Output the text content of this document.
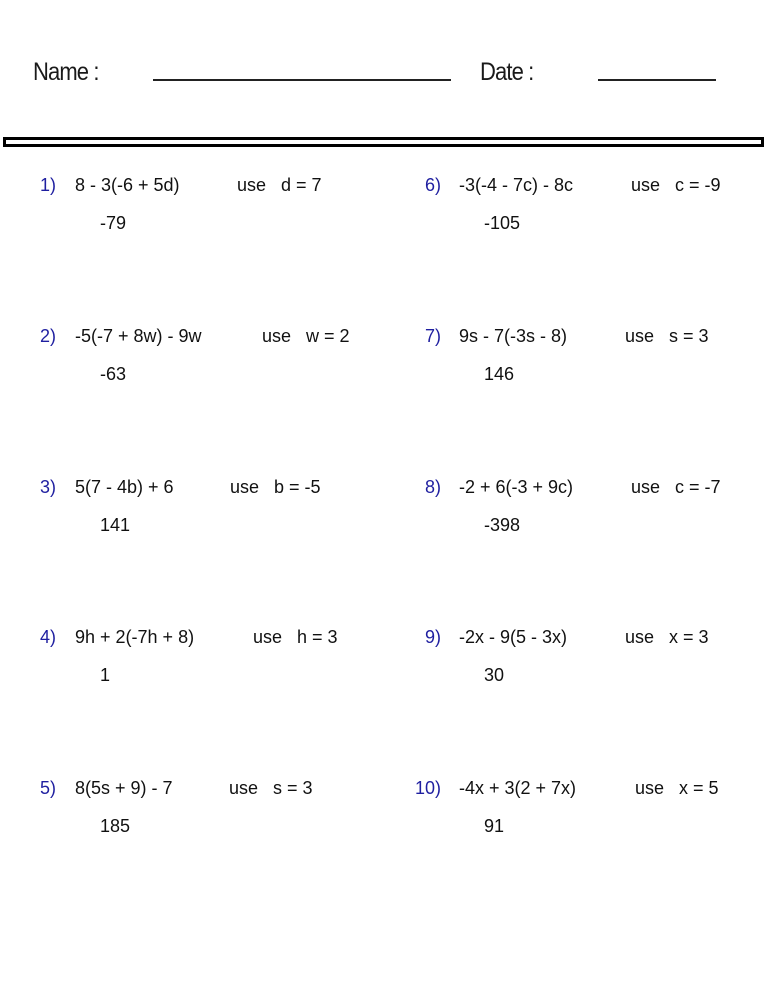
Name :	Date :
1) 8 - 3(-6 + 5d)	use   d = 7
-79
2) -5(-7 + 8w) - 9w	use   w = 2
-63
3) 5(7 - 4b) + 6	use   b = -5
141
4) 9h + 2(-7h + 8)	use   h = 3
1
5) 8(5s + 9) - 7	use   s = 3
185
6) -3(-4 - 7c) - 8c	use   c = -9
-105
7) 9s - 7(-3s - 8)	use   s = 3
146
8) -2 + 6(-3 + 9c)	use   c = -7
-398
9) -2x - 9(5 - 3x)	use   x = 3
30
10) -4x + 3(2 + 7x)	use   x = 5
91
